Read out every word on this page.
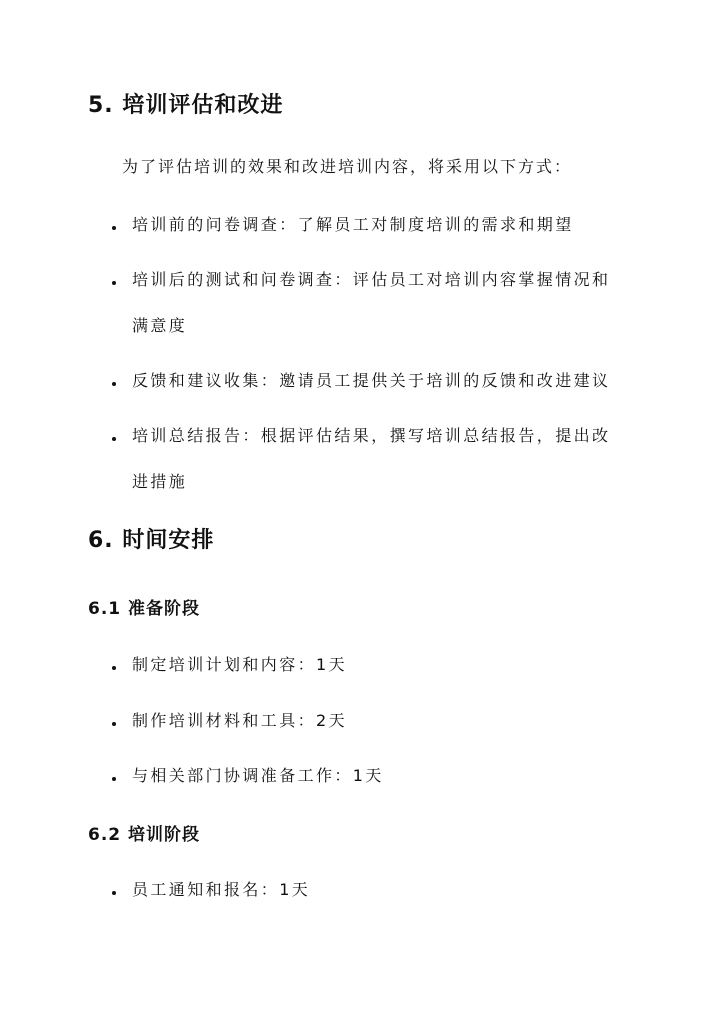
5. 培训评估和改进
为了评估培训的效果和改进培训内容，将采用以下方式：
培训前的问卷调查：了解员工对制度培训的需求和期望
培训后的测试和问卷调查：评估员工对培训内容掌握情况和
满意度
反馈和建议收集：邀请员工提供关于培训的反馈和改进建议
培训总结报告：根据评估结果，撰写培训总结报告，提出改
进措施
6. 时间安排
6.1 准备阶段
制定培训计划和内容：1天
制作培训材料和工具：2天
与相关部门协调准备工作：1天
6.2 培训阶段
员工通知和报名：1天
